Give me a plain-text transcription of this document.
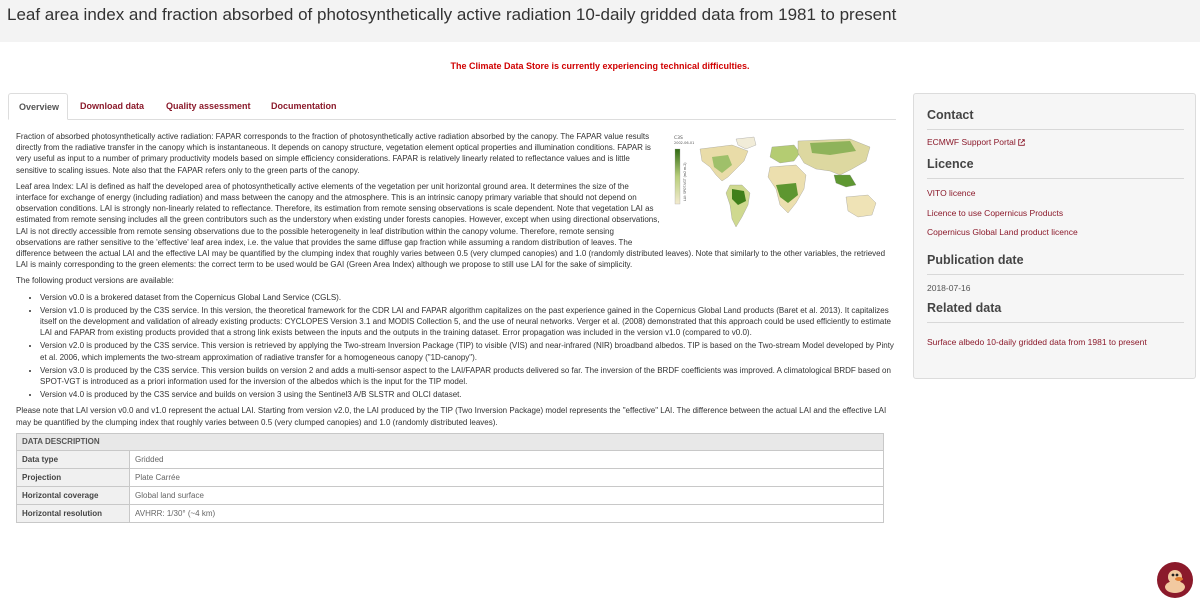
Leaf area index and fraction absorbed of photosynthetically active radiation 10-daily gridded data from 1981 to present
The Climate Data Store is currently experiencing technical difficulties.
Overview	Download data	Quality assessment	Documentation
C3S
2002-06-01
LAI: SPOT-VGT (m2 m-2)

Fraction of absorbed photosynthetically active radiation: FAPAR corresponds to the fraction of photosynthetically active radiation absorbed by the canopy. The FAPAR value results directly from the radiative transfer in the canopy which is instantaneous. It depends on canopy structure, vegetation element optical properties and illumination conditions. FAPAR is very useful as input to a number of primary productivity models based on simple efficiency considerations. FAPAR is relatively linearly related to reflectance values and is little sensitive to scaling issues. Note also that the FAPAR refers only to the green parts of the canopy.

Leaf area Index: LAI is defined as half the developed area of photosynthetically active elements of the vegetation per unit horizontal ground area. It determines the size of the interface for exchange of energy (including radiation) and mass between the canopy and the atmosphere. This is an intrinsic canopy primary variable that should not depend on observation conditions. LAI is strongly non-linearly related to reflectance. Therefore, its estimation from remote sensing observations is scale dependent. Note that vegetation LAI as estimated from remote sensing includes all the green contributors such as the understory when existing under forests canopies. However, except when using directional observations, LAI is not directly accessible from remote sensing observations due to the possible heterogeneity in leaf distribution within the canopy volume. Therefore, remote sensing observations are rather sensitive to the 'effective' leaf area index, i.e. the value that provides the same diffuse gap fraction while assuming a random distribution of leaves. The difference between the actual LAI and the effective LAI may be quantified by the clumping index that roughly varies between 0.5 (very clumped canopies) and 1.0 (randomly distributed leaves). Note that similarly to the other variables, the retrieved LAI is mainly corresponding to the green elements: the correct term to be used would be GAI (Green Area Index) although we propose to still use LAI for the sake of simplicity.

The following product versions are available:

• Version v0.0 is a brokered dataset from the Copernicus Global Land Service (CGLS).
• Version v1.0 is produced by the C3S service. In this version, the theoretical framework for the CDR LAI and FAPAR algorithm capitalizes on the past experience gained in the Copernicus Global Land products (Baret et al. 2013). It capitalizes itself on the development and validation of already existing products: CYCLOPES Version 3.1 and MODIS Collection 5, and the use of neural networks. Verger et al. (2008) demonstrated that this approach could be used efficiently to estimate LAI and FAPAR from existing products provided that a strong link exists between the inputs and the outputs in the training dataset. Error propagation was included in the version v1.0 (compared to v0.0).
• Version v2.0 is produced by the C3S service. This version is retrieved by applying the Two-stream Inversion Package (TIP) to visible (VIS) and near-infrared (NIR) broadband albedos. TIP is based on the Two-stream Model developed by Pinty et al. 2006, which implements the two-stream approximation of radiative transfer for a homogeneous canopy ("1D-canopy").
• Version v3.0 is produced by the C3S service. This version builds on version 2 and adds a multi-sensor aspect to the LAI/FAPAR products delivered so far. The inversion of the BRDF coefficients was improved. A climatological BRDF based on SPOT-VGT is introduced as a priori information used for the inversion of the albedos which is the input for the TIP model.
• Version v4.0 is produced by the C3S service and builds on version 3 using the Sentinel3 A/B SLSTR and OLCI dataset.

Please note that LAI version v0.0 and v1.0 represent the actual LAI. Starting from version v2.0, the LAI produced by the TIP (Two Inversion Package) model represents the "effective" LAI. The difference between the actual LAI and the effective LAI may be quantified by the clumping index that roughly varies between 0.5 (very clumped canopies) and 1.0 (randomly distributed leaves).

DATA DESCRIPTION	
Data type	Gridded
Projection	Plate Carrée
Horizontal coverage	Global land surface
Horizontal resolution	AVHRR: 1/30° (~4 km)
Contact
ECMWF Support Portal
Licence
VITO licence
Licence to use Copernicus Products
Copernicus Global Land product licence
Publication date
2018-07-16
Related data
Surface albedo 10-daily gridded data from 1981 to present
